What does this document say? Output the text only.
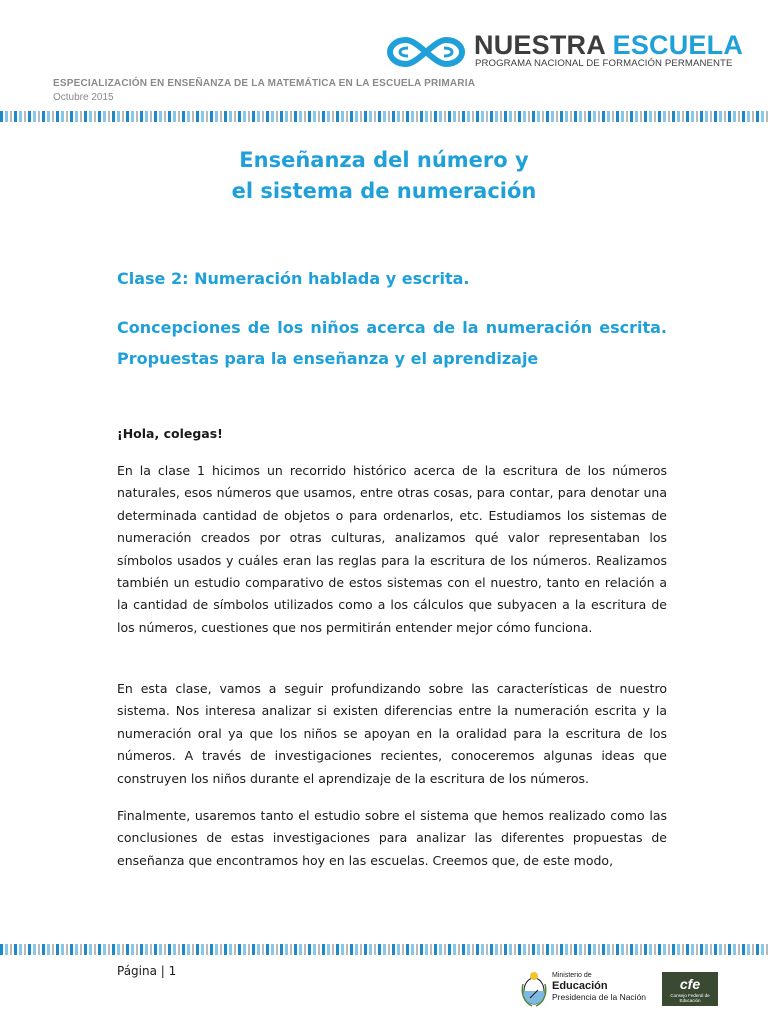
NUESTRA ESCUELA
PROGRAMA NACIONAL DE FORMACIÓN PERMANENTE
ESPECIALIZACIÓN EN ENSEÑANZA DE LA MATEMÁTICA EN LA ESCUELA PRIMARIA
Octubre 2015
Enseñanza del número y
el sistema de numeración
Clase 2: Numeración hablada y escrita.
Concepciones de los niños acerca de la numeración escrita. Propuestas para la enseñanza y el aprendizaje
¡Hola, colegas!

En la clase 1 hicimos un recorrido histórico acerca de la escritura de los números naturales, esos números que usamos, entre otras cosas, para contar, para denotar una determinada cantidad de objetos o para ordenarlos, etc. Estudiamos los sistemas de numeración creados por otras culturas, analizamos qué valor representaban los símbolos usados y cuáles eran las reglas para la escritura de los números. Realizamos también un estudio comparativo de estos sistemas con el nuestro, tanto en relación a la cantidad de símbolos utilizados como a los cálculos que subyacen a la escritura de los números, cuestiones que nos permitirán entender mejor cómo funciona.

En esta clase, vamos a seguir profundizando sobre las características de nuestro sistema. Nos interesa analizar si existen diferencias entre la numeración escrita y la numeración oral ya que los niños se apoyan en la oralidad para la escritura de los números. A través de investigaciones recientes, conoceremos algunas ideas que construyen los niños durante el aprendizaje de la escritura de los números.

Finalmente, usaremos tanto el estudio sobre el sistema que hemos realizado como las conclusiones de estas investigaciones para analizar las diferentes propuestas de enseñanza que encontramos hoy en las escuelas. Creemos que, de este modo,

Página | 1	Ministerio de
Educación
Presidencia de la Nación
cfe
Consejo Federal de Educación
